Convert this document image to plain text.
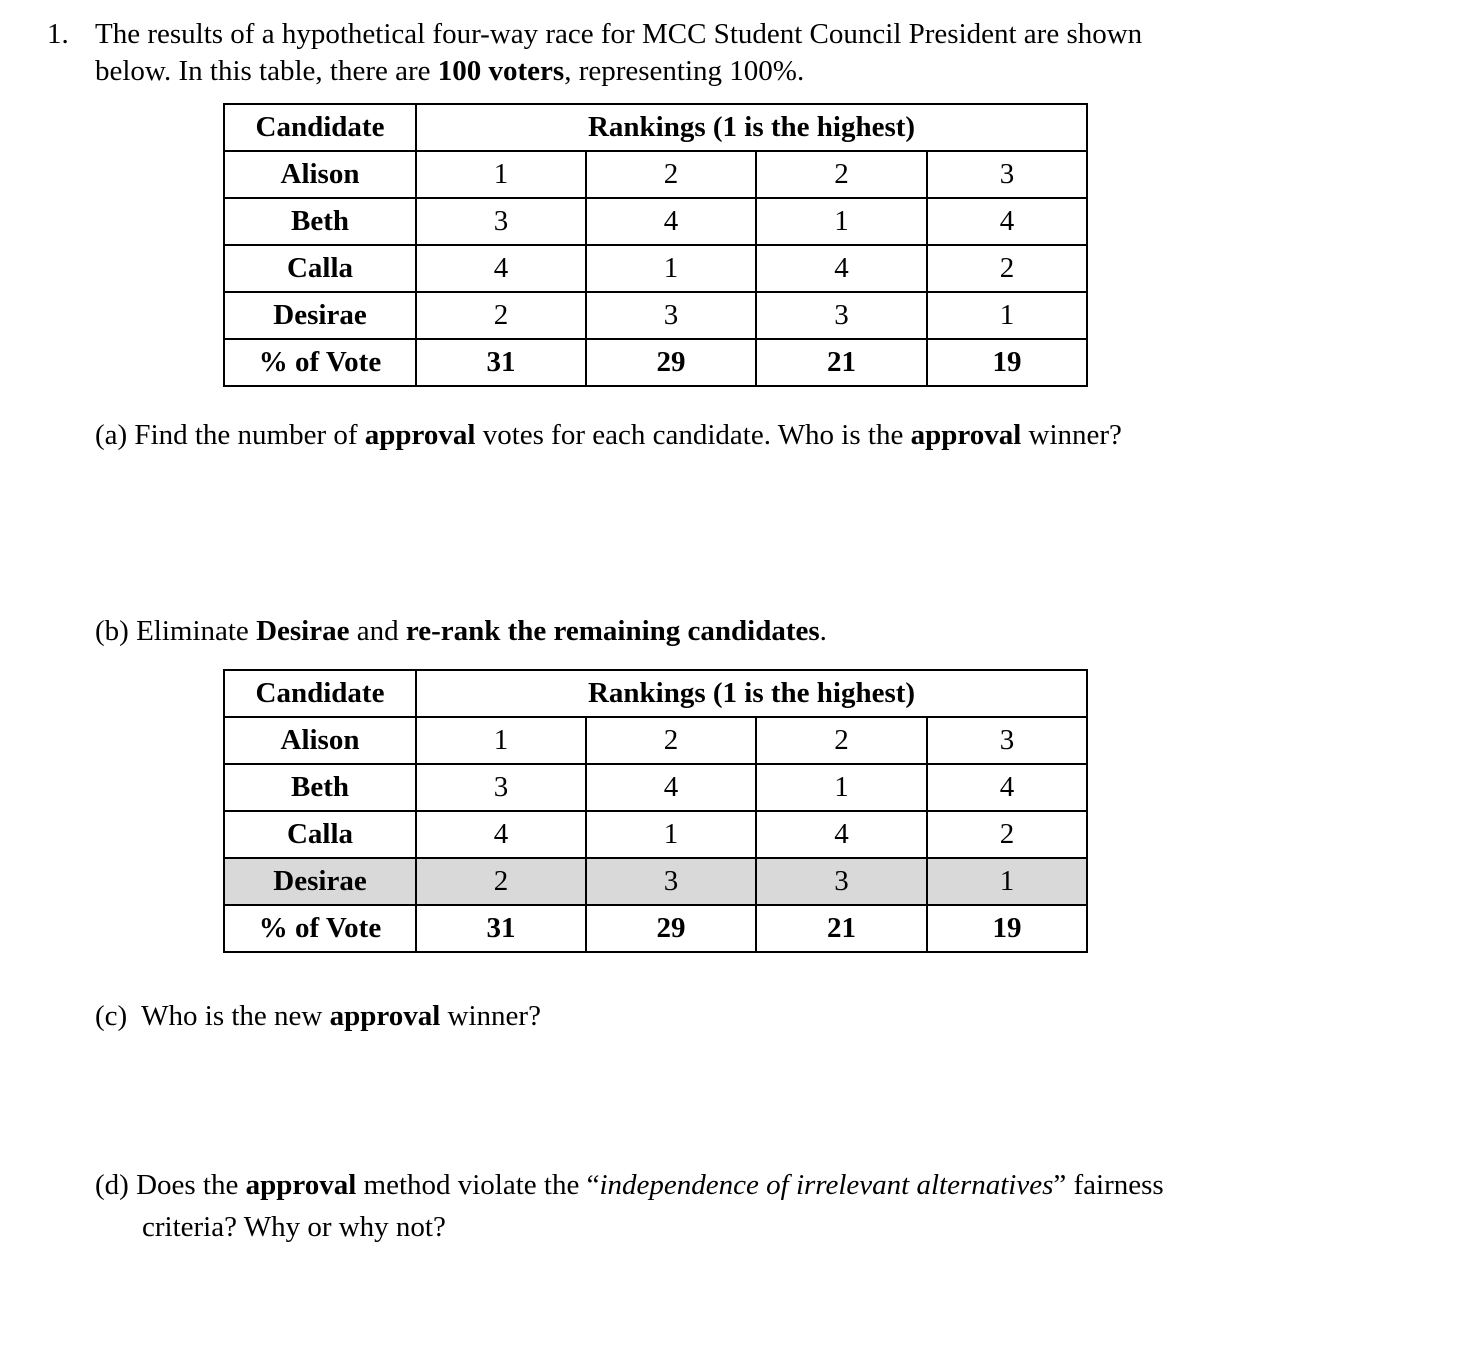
1. The results of a hypothetical four-way race for MCC Student Council President are shown
below. In this table, there are 100 voters, representing 100%.
Candidate	Rankings (1 is the highest)			
Alison	1	2	2	3
Beth	3	4	1	4
Calla	4	1	4	2
Desirae	2	3	3	1
% of Vote	31	29	21	19
(a) Find the number of approval votes for each candidate. Who is the approval winner?
(b) Eliminate Desirae and re-rank the remaining candidates.
Candidate	Rankings (1 is the highest)			
Alison	1	2	2	3
Beth	3	4	1	4
Calla	4	1	4	2
Desirae	2	3	3	1
% of Vote	31	29	21	19
(c)  Who is the new approval winner?
(d) Does the approval method violate the “independence of irrelevant alternatives” fairness
criteria? Why or why not?
